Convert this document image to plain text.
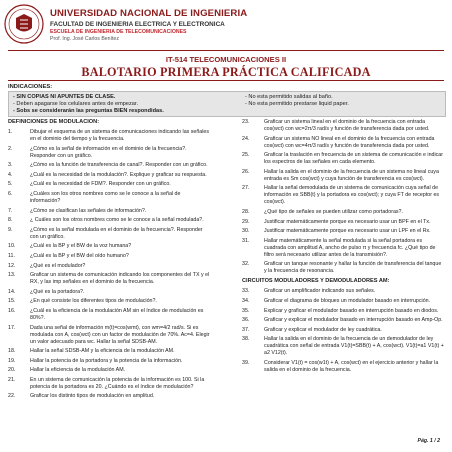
UNIVERSIDAD NACIONAL DE INGENIERIA
FACULTAD DE INGENIERIA ELECTRICA Y ELECTRONICA
ESCUELA DE INGENIERIA DE TELECOMUNICACIONES
Prof. Ing. José Carlos Benítez
IT-514 TELECOMUNICACIONES II
BALOTARIO PRIMERA PRÁCTICA CALIFICADA
INDICACIONES:
- SIN COPIAS NI APUNTES DE CLASE.	- No esta permitido salidas al baño.
- Deben apagarse los celulares antes de empezar.	- No esta permitido prestarse liquid paper.
- Sobs se considerarán las preguntas BIEN respondidas.
DEFINICIONES DE MODULACION:
1.	Dibujar el esquema de un sistema de comunicaciones indicando las señales en el dominio del tiempo y la frecuencia.
2.	¿Cómo es la señal de información en el dominio de la frecuencia?. Responder con un gráfico.
3.	¿Cómo es la función de transferencia de canal?. Responder con un gráfico.
4.	¿Cuál es la necesidad de la modulación?. Explique y graficar su respuesta.
5.	¿Cuál es la necesidad de FDM?. Responder con un gráfico.
6.	¿Cuáles son los otros nombres como se le conoce a la señal de información?
7.	¿Cómo se clasifican las señales de información?.
8.	¿ Cuáles son los otros nombres como se le conoce a la señal modulada?.
9.	¿Cómo es la señal modulada en el dominio de la frecuencia?. Responder con un gráfico.
10.	¿Cuál es la BP y el BW de la voz humana?
11.	¿Cuál es la BP y el BW del oído humano?
12.	¿Qué es el modulador?
13.	Graficar un sistema de comunicación indicando los componentes del TX y el RX, y las imp señales en el dominio de la frecuencia.
14.	¿Qué es la portadora?.
15.	¿En qué consiste los diferentes tipos de modulación?.
16.	¿Cuál es la eficiencia de la modulación AM sin el índice de modulación es 80%?.
17.	Dada una señal de información m(t)=cos(wmt), con wm=4/2 rad/s. Si es modulada con A, cos(wct) con un factor de modulación de 70%. Ac=4. Elegir un valor adecuado para wc. Hallar la señal SDSB-AM.
18.	Hallar la señal SDSB-AM y la eficiencia de la modulación AM.
19.	Hallar la potencia de la portadora y la potencia de la información.
20.	Hallar la eficiencia de la modulación AM.
21.	En un sistema de comunicación la potencia de la información es 100. Si la potencia de la portadora es 20. ¿Cuándo es el índice de modulación?
22.	Graficar los distinto tipos de modulación en amplitud.
23.	Graficar un sistema lineal en el dominio de la frecuencia con entrada cos(wct) con wc=2π/3 rad/s y función de transferencia dada por usted.
24.	Graficar un sistema NO lineal en el dominio de la frecuencia con entrada cos(wct) con wc=4π/3 rad/s y función de transferencia dada por usted.
25.	Graficar la traslación en frecuencia de un sistema de comunicación e indicar los espectros de las señales en cada elemento.
26.	Hallar la salida en el dominio de la frecuencia de un sistema no lineal cuya entrada es Sm cos(wct) y cuya función de transferencia es cos(wct).
27.	Hallar la señal demodulada de un sistema de comunicación cuya señal de información es SBB(t) y la portadora es cos(wct); y cuya FT de receptor es cos(wct).
28.	¿Qué tipo de señales se pueden utilizar como portadoras?.
29.	Justificar matemáticamente porque es necesario usar un BPF en el Tx.
30.	Justificar matemáticamente porque es necesario usar un LPF en el Rx.
31.	Hallar matemáticamente la señal modulada si la señal portadora es cuadrada con amplitud A, ancho de pulso π y frecuencia fc. ¿Qué tipo de filtro será necesario utilizar antes de la transmisión?.
32.	Graficar un tanque resonante y hallar la función de transferencia del tanque y la frecuencia de resonancia.
CIRCUITOS MODULADORES Y DEMODULADORES AM:
33.	Graficar un amplificador indicando sus señales.
34.	Graficar el diagrama de bloques un modulador basado en interrupción.
35.	Explicar y graficar el modulador basado en interrupción basado en diodos.
36.	Graficar y explicar el modulador basado en interrupción basado en Amp-Op.
37.	Graficar y explicar el modulador de ley cuadrática.
38.	Hallar la salida en el dominio de la frecuencia de un demodulador de ley cuadrática con señal de entrada V1(t)=SBB(t) + A, cos(wct). V1(t)=a1 V1(t) + a2 V12(t).
39.	Considerar V1(t) = cos(w1t) + A, cos(wct) en el ejercicio anterior y hallar la salida en el dominio de la frecuencia.
Pág. 1 / 2
